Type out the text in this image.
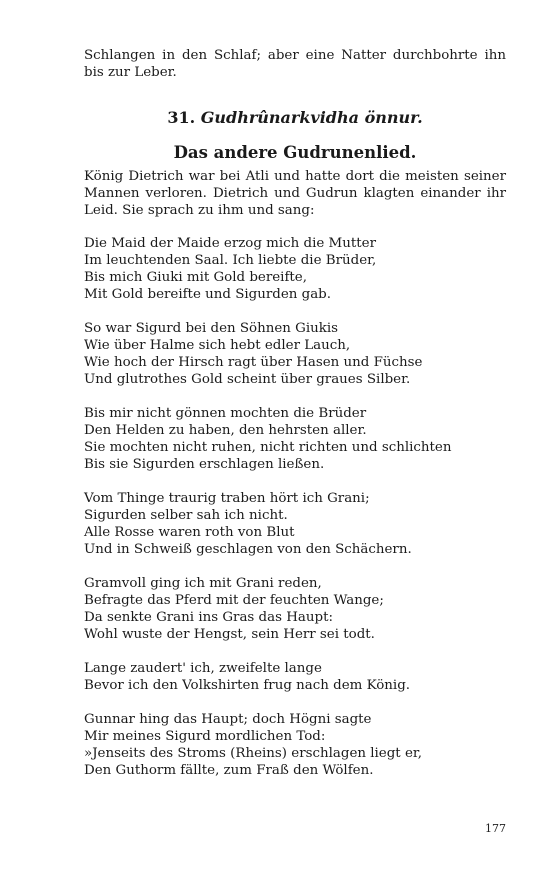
Schlangen in den Schlaf; aber eine Natter durchbohrte ihn bis zur Leber.

31. Gudhrûnarkvidha önnur.
Das andere Gudrunenlied.

König Dietrich war bei Atli und hatte dort die meisten seiner Mannen verloren. Dietrich und Gudrun klagten einander ihr Leid. Sie sprach zu ihm und sang:

Die Maid der Maide erzog mich die Mutter
Im leuchtenden Saal. Ich liebte die Brüder,
Bis mich Giuki mit Gold bereifte,
Mit Gold bereifte und Sigurden gab.
So war Sigurd bei den Söhnen Giukis
Wie über Halme sich hebt edler Lauch,
Wie hoch der Hirsch ragt über Hasen und Füchse
Und glutrothes Gold scheint über graues Silber.
Bis mir nicht gönnen mochten die Brüder
Den Helden zu haben, den hehrsten aller.
Sie mochten nicht ruhen, nicht richten und schlichten
Bis sie Sigurden erschlagen ließen.
Vom Thinge traurig traben hört ich Grani;
Sigurden selber sah ich nicht.
Alle Rosse waren roth von Blut
Und in Schweiß geschlagen von den Schächern.
Gramvoll ging ich mit Grani reden,
Befragte das Pferd mit der feuchten Wange;
Da senkte Grani ins Gras das Haupt:
Wohl wuste der Hengst, sein Herr sei todt.
Lange zaudert' ich, zweifelte lange
Bevor ich den Volkshirten frug nach dem König.
Gunnar hing das Haupt; doch Högni sagte
Mir meines Sigurd mordlichen Tod:
»Jenseits des Stroms (Rheins) erschlagen liegt er,
Den Guthorm fällte, zum Fraß den Wölfen.
177
